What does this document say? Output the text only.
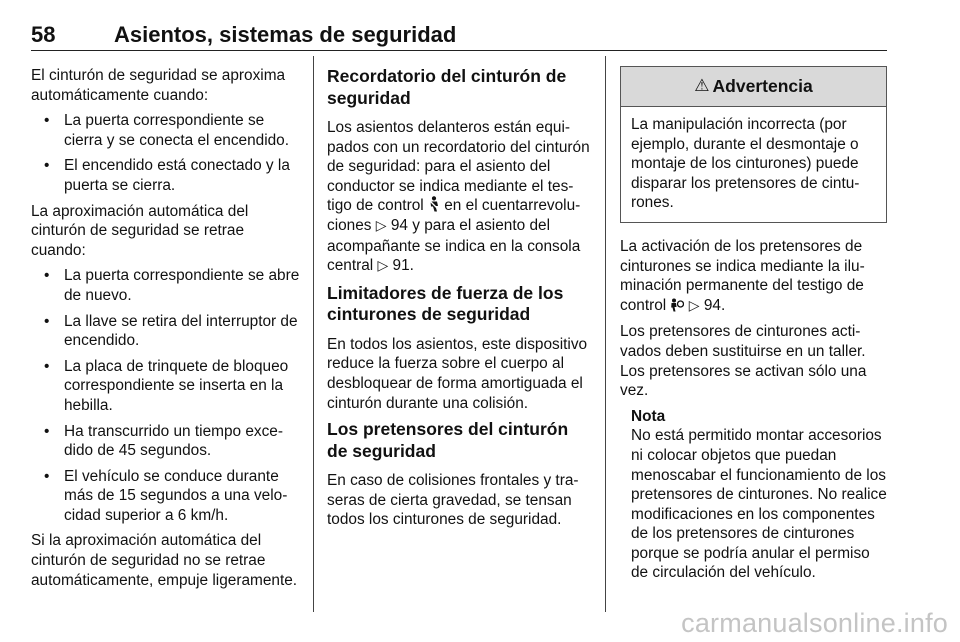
58	Asientos, sistemas de seguridad

El cinturón de seguridad se aproxima automáticamente cuando:

• La puerta correspondiente se cierra y se conecta el encendido.
• El encendido está conectado y la puerta se cierra.

La aproximación automática del cinturón de seguridad se retrae cuando:

• La puerta correspondiente se abre de nuevo.
• La llave se retira del interruptor de encendido.
• La placa de trinquete de bloqueo correspondiente se inserta en la hebilla.
• Ha transcurrido un tiempo excedido de 45 segundos.
• El vehículo se conduce durante más de 15 segundos a una velocidad superior a 6 km/h.

Si la aproximación automática del cinturón de seguridad no se retrae automáticamente, empuje ligeramente.

Recordatorio del cinturón de seguridad

Los asientos delanteros están equipados con un recordatorio del cinturón de seguridad: para el asiento del conductor se indica mediante el testigo de control en el cuentarrevoluciones ▷ 94 y para el asiento del acompañante se indica en la consola central ▷ 91.

Limitadores de fuerza de los cinturones de seguridad

En todos los asientos, este dispositivo reduce la fuerza sobre el cuerpo al desbloquear de forma amortiguada el cinturón durante una colisión.

Los pretensores del cinturón de seguridad

En caso de colisiones frontales y traseras de cierta gravedad, se tensan todos los cinturones de seguridad.

⚠ Advertencia
La manipulación incorrecta (por ejemplo, durante el desmontaje o montaje de los cinturones) puede disparar los pretensores de cinturones.

La activación de los pretensores de cinturones se indica mediante la iluminación permanente del testigo de control ▷ 94.

Los pretensores de cinturones activados deben sustituirse en un taller. Los pretensores se activan sólo una vez.

Nota
No está permitido montar accesorios ni colocar objetos que puedan menoscabar el funcionamiento de los pretensores de cinturones. No realice modificaciones en los componentes de los pretensores de cinturones porque se podría anular el permiso de circulación del vehículo.
carmanualsonline.info
